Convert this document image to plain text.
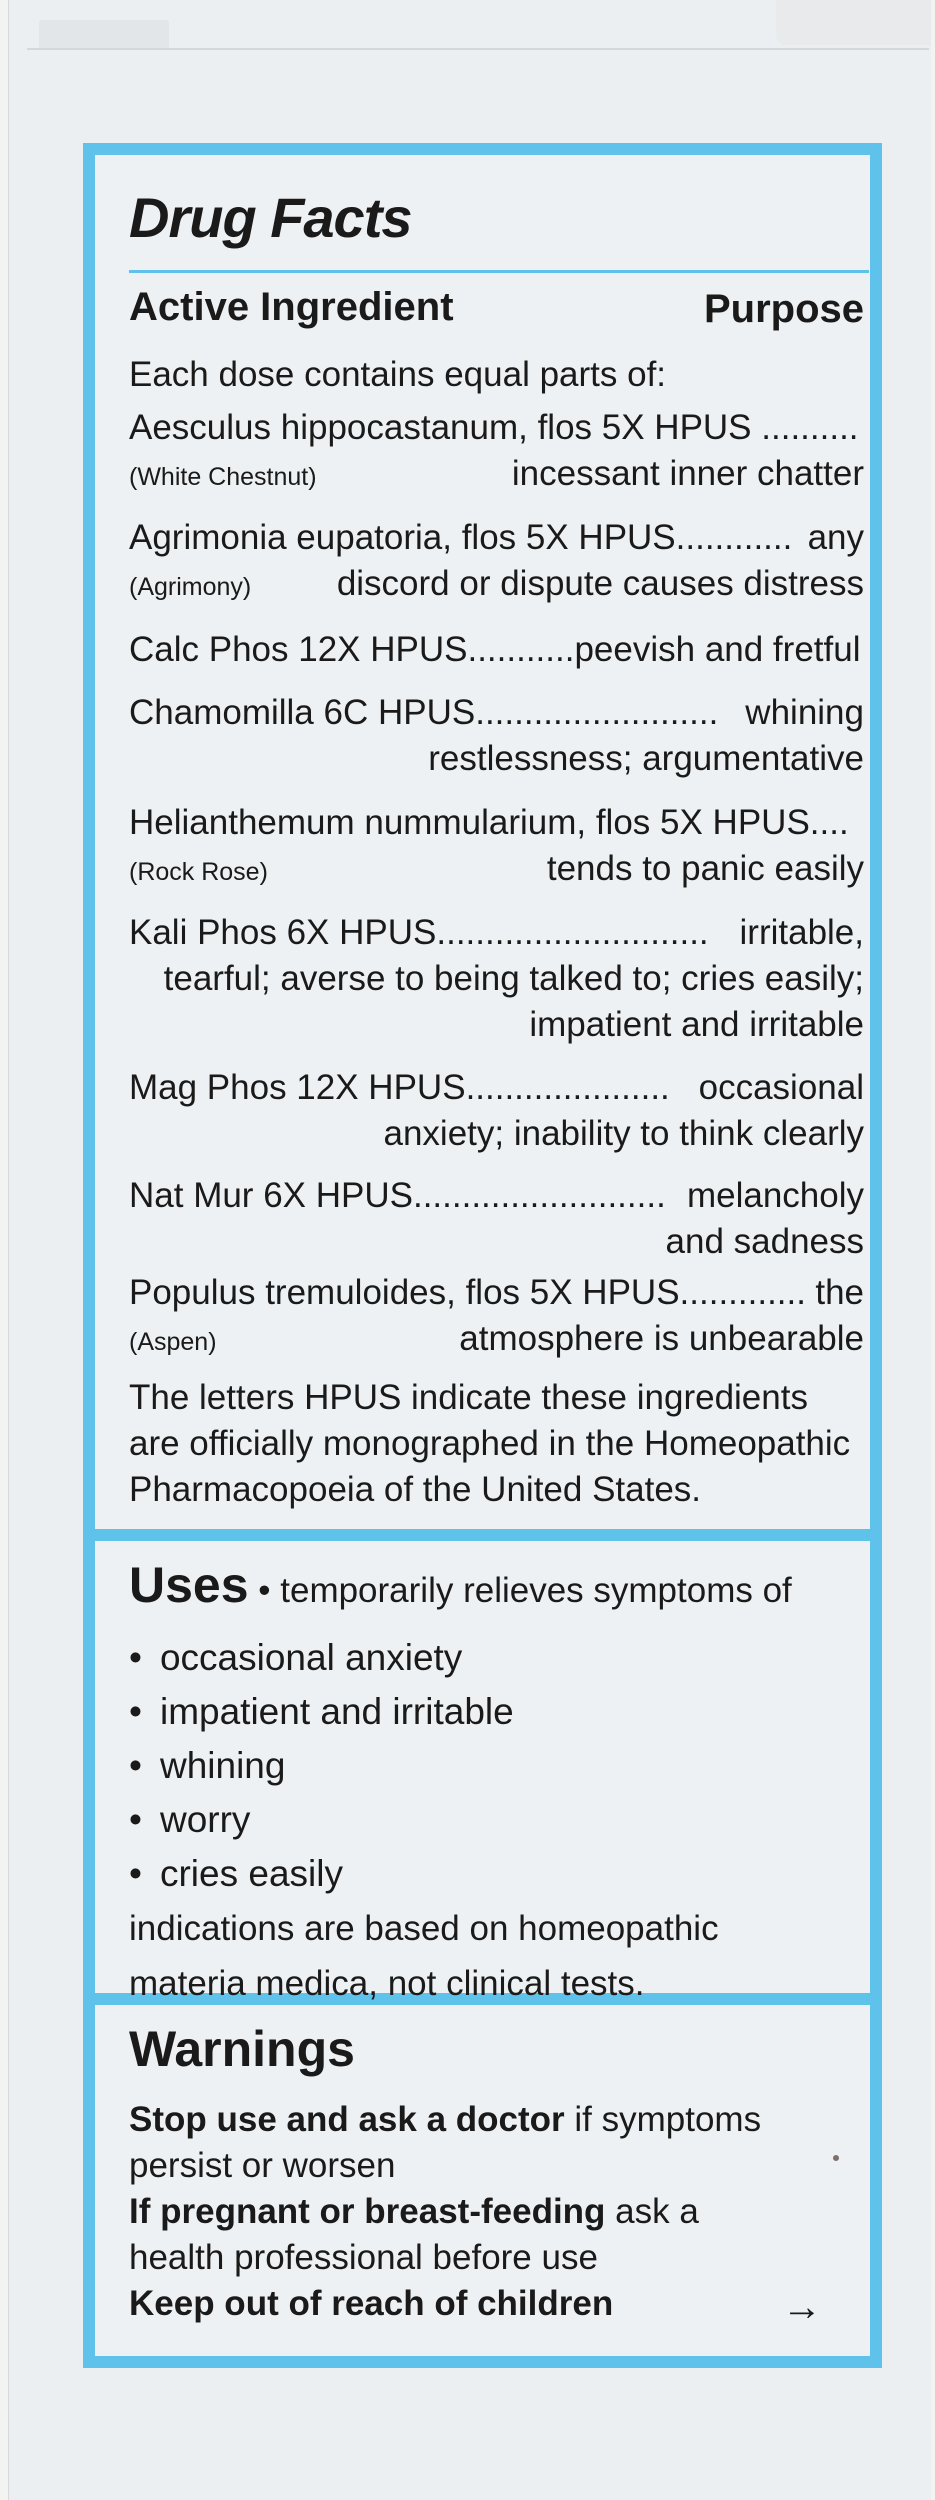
Drug Facts
Active Ingredient	Purpose
Each dose contains equal parts of:
Aesculus hippocastanum, flos 5X HPUS ..........
(White Chestnut)	incessant inner chatter
Agrimonia eupatoria, flos 5X HPUS............ any
(Agrimony) discord or dispute causes distress
Calc Phos 12X HPUS...........peevish and fretful
Chamomilla 6C HPUS......................... whining
restlessness; argumentative
Helianthemum nummularium, flos 5X HPUS....
(Rock Rose)	tends to panic easily
Kali Phos 6X HPUS............................ irritable,
tearful; averse to being talked to; cries easily;
impatient and irritable
Mag Phos 12X HPUS..................... occasional
anxiety; inability to think clearly
Nat Mur 6X HPUS.......................... melancholy
and sadness
Populus tremuloides, flos 5X HPUS............. the
(Aspen)	atmosphere is unbearable
The letters HPUS indicate these ingredients are officially monographed in the Homeopathic Pharmacopoeia of the United States.
Uses • temporarily relieves symptoms of
• occasional anxiety
• impatient and irritable
• whining
• worry
• cries easily
indications are based on homeopathic
materia medica, not clinical tests.
Warnings
Stop use and ask a doctor if symptoms
persist or worsen
If pregnant or breast-feeding ask a
health professional before use
Keep out of reach of children	→
